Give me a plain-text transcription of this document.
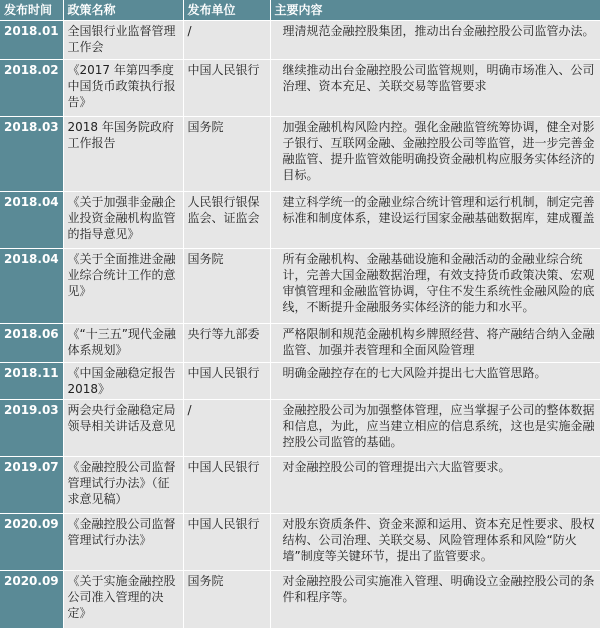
发布时间	政策名称	发布单位	主要内容
2018.01	全国银行业监督管理工作会	/	理清规范金融控股集团，推动出台金融控股公司监管办法。
2018.02	《2017 年第四季度中国货币政策执行报告》	中国人民银行	继续推动出台金融控股公司监管规则，明确市场准入、公司治理、资本充足、关联交易等监管要求
2018.03	2018 年国务院政府工作报告	国务院	加强金融机构风险内控。强化金融监管统筹协调，健全对影子银行、互联网金融、金融控股公司等监管，进一步完善金融监管、提升监管效能明确投资金融机构应服务实体经济的目标。
2018.04	《关于加强非金融企业投资金融机构监管的指导意见》	人民银行银保监会、证监会	建立科学统一的金融业综合统计管理和运行机制，制定完善标准和制度体系，建设运行国家金融基础数据库，建成覆盖
2018.04	《关于全面推进金融业综合统计工作的意见》	国务院	所有金融机构、金融基础设施和金融活动的金融业综合统计，完善大国金融数据治理，有效支持货币政策决策、宏观审慎管理和金融监管协调，守住不发生系统性金融风险的底线，不断提升金融服务实体经济的能力和水平。
2018.06	《“十三五”现代金融体系规划》	央行等九部委	严格限制和规范金融机构乡牌照经营、将产融结合纳入金融监管、加强并表管理和全面风险管理
2018.11	《中国金融稳定报告 2018》	中国人民银行	明确金融控存在的七大风险并提出七大监管思路。
2019.03	两会央行金融稳定局领导相关讲话及意见	/	金融控股公司为加强整体管理，应当掌握子公司的整体数据和信息，为此，应当建立相应的信息系统，这也是实施金融控股公司监管的基础。
2019.07	《金融控股公司监督管理试行办法》（征求意见稿）	中国人民银行	对金融控股公司的管理提出六大监管要求。
2020.09	《金融控股公司监督管理试行办法》	中国人民银行	对股东资质条件、资金来源和运用、资本充足性要求、股权结构、公司治理、关联交易、风险管理体系和风险“防火墙”制度等关键环节，提出了监管要求。
2020.09	《关于实施金融控股公司准入管理的决定》	国务院	对金融控股公司实施准入管理、明确设立金融控股公司的条件和程序等。
